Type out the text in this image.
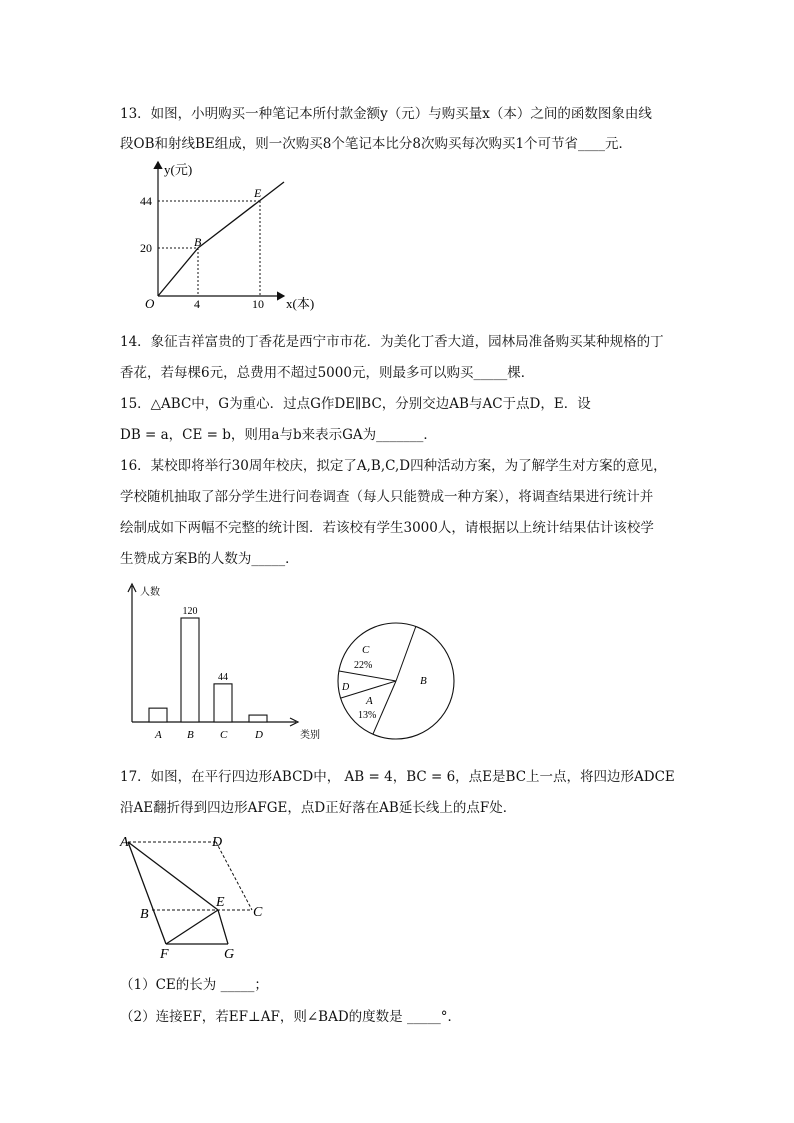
13．如图，小明购买一种笔记本所付款金额y（元）与购买量x（本）之间的函数图象由线
段OB和射线BE组成，则一次购买8个笔记本比分8次购买每次购买1个可节省____元．
y(元)
x(本)
O
44
20
4	10
B
E
14．象征吉祥富贵的丁香花是西宁市市花．为美化丁香大道，园林局准备购买某种规格的丁
香花，若每棵6元，总费用不超过5000元，则最多可以购买_____棵．
15．△ABC中，G为重心．过点G作DE∥BC，分别交边AB与AC于点D，E．设
DB = a，CE = b，则用a与b来表示GA为_______．
16．某校即将举行30周年校庆，拟定了A,B,C,D四种活动方案，为了解学生对方案的意见，
学校随机抽取了部分学生进行问卷调查（每人只能赞成一种方案），将调查结果进行统计并
绘制成如下两幅不完整的统计图．若该校有学生3000人，请根据以上统计结果估计该校学
生赞成方案B的人数为_____．
人数
类别
A B
120
C
44
D
B
C
22%
D
A
13%
17．如图，在平行四边形ABCD中， AB = 4，BC = 6，点E是BC上一点，将四边形ADCE
沿AE翻折得到四边形AFGE，点D正好落在AB延长线上的点F处．
A	D
B
E
C
F	G
（1）CE的长为 _____；
（2）连接EF，若EF⊥AF，则∠BAD的度数是 _____°．
